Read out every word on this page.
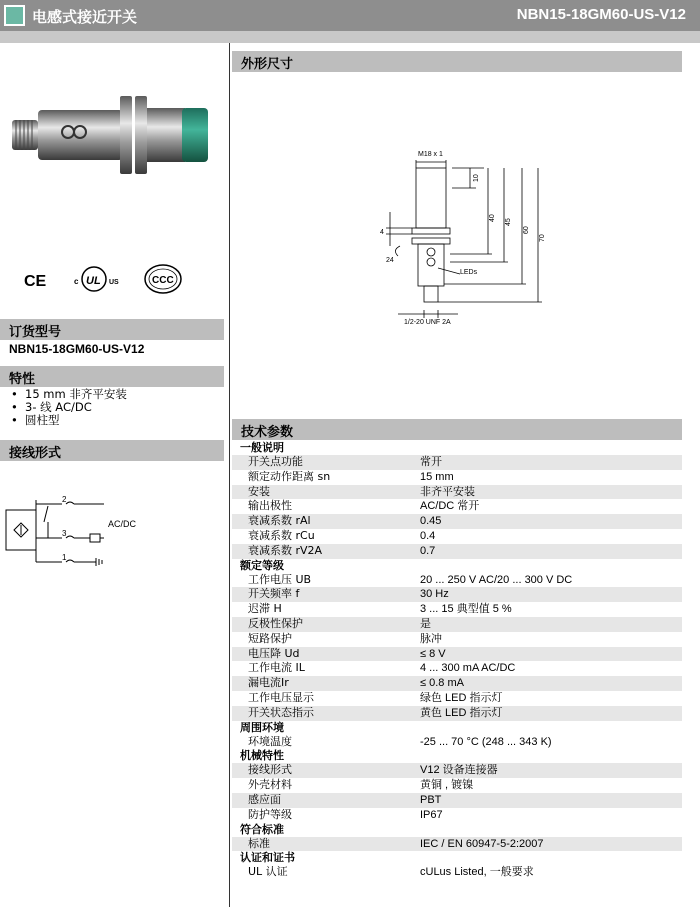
电感式接近开关	NBN15-18GM60-US-V12
CE	c UL US	CCC
订货型号
NBN15-18GM60-US-V12
特性
• 15 mm 非齐平安装
• 3- 线 AC/DC
• 圆柱型
接线形式
2
3
1
AC/DC
外形尺寸
M18 x 1
10
40
45
60
70
4
24
LEDs
1/2-20 UNF 2A
技术参数
一般说明
开关点功能	常开
额定动作距离 sn	15 mm
安装	非齐平安装
输出极性	AC/DC 常开
衰减系数 rAl	0.45
衰减系数 rCu	0.4
衰减系数 rV2A	0.7
额定等级
工作电压 UB	20 ... 250 V AC/20 ... 300 V DC
开关频率 f	30 Hz
迟滞 H	3 ... 15 典型值 5 %
反极性保护	是
短路保护	脉冲
电压降 Ud	≤ 8 V
工作电流 IL	4 ... 300 mA AC/DC
漏电流Ir	≤ 0.8 mA
工作电压显示	绿色 LED 指示灯
开关状态指示	黄色 LED 指示灯
周围环境
环境温度	-25 ... 70 °C (248 ... 343 K)
机械特性
接线形式	V12 设备连接器
外壳材料	黄铜 , 镀镍
感应面	PBT
防护等级	IP67
符合标准
标准	IEC / EN 60947-5-2:2007
认证和证书
UL 认证	cULus Listed, 一般要求
